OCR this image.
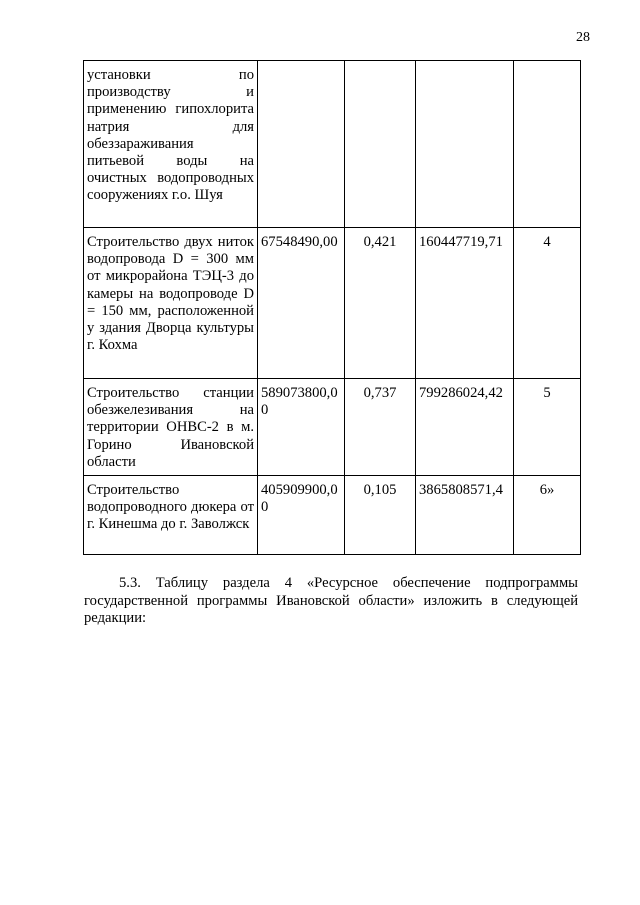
28
установки по производству и применению гипохлорита натрия для обеззараживания питьевой воды на очистных водопроводных сооружениях г.о. Шуя				
Строительство двух ниток водопровода D = 300 мм от микрорайона ТЭЦ-3 до камеры на водопроводе D = 150 мм, расположенной у здания Дворца культуры г. Кохма	67548490,00	0,421	160447719,71	4
Строительство станции обезжелезивания на территории ОНВС-2 в м. Горино Ивановской области	589073800,00	0,737	799286024,42	5
Строительство водопроводного дюкера от г. Кинешма до г. Заволжск	405909900,00	0,105	3865808571,4	6»

5.3. Таблицу раздела 4 «Ресурсное обеспечение подпрограммы государственной программы Ивановской области» изложить в следующей редакции:
